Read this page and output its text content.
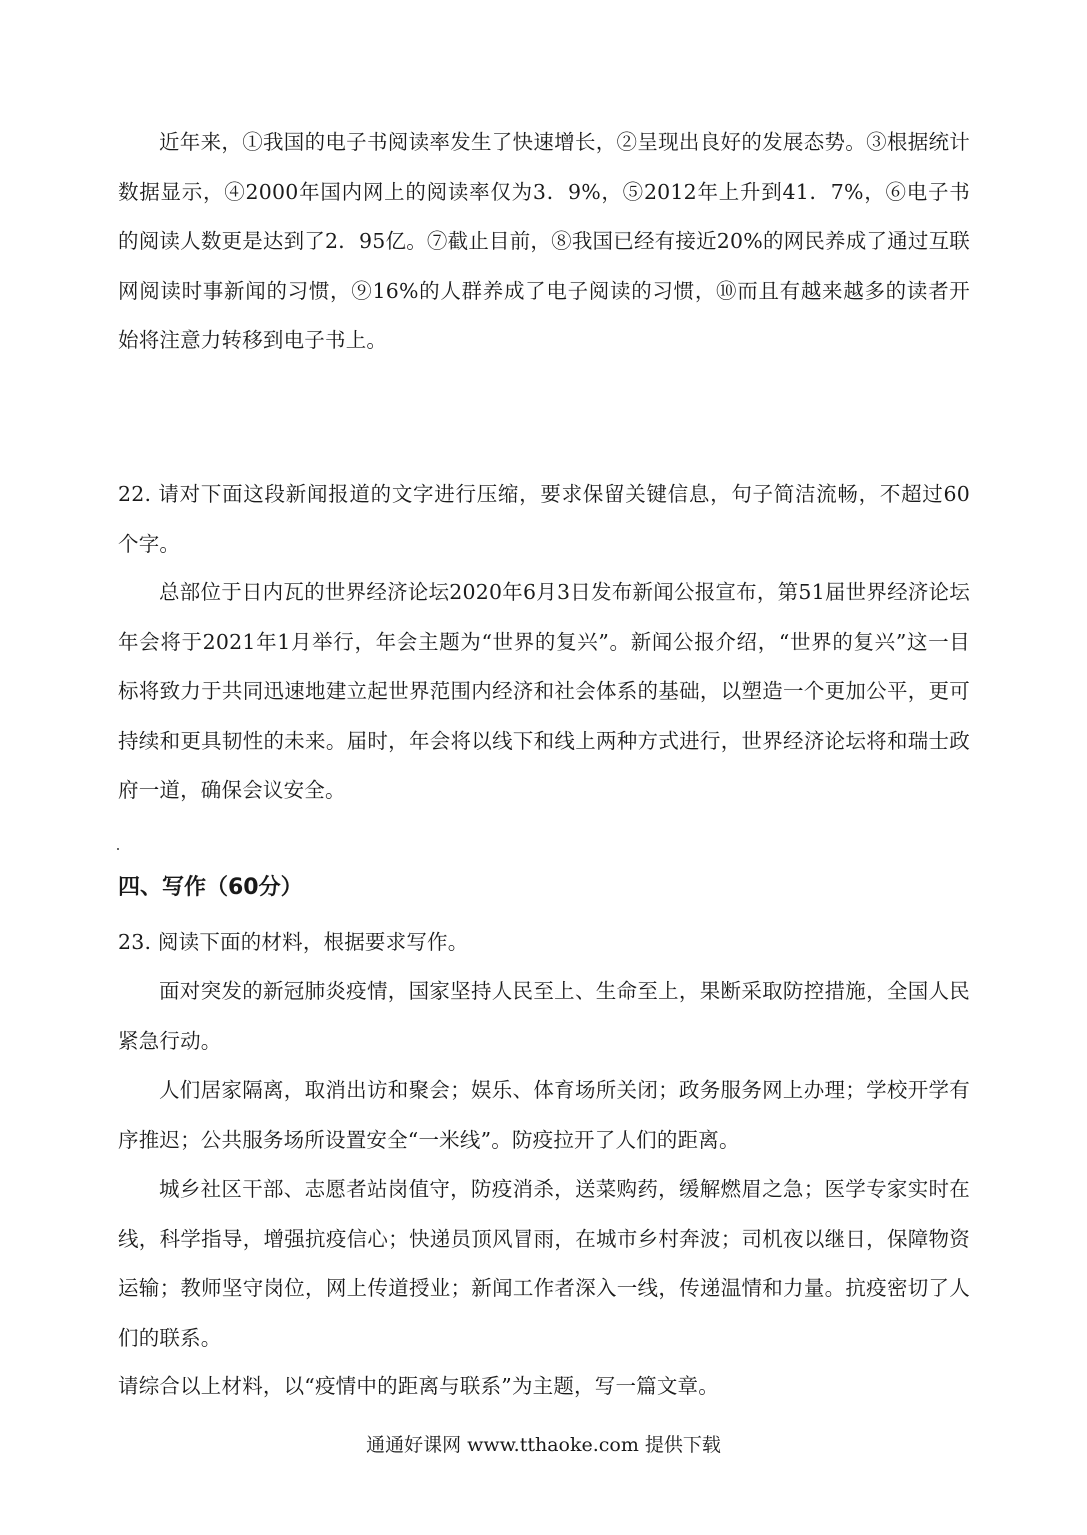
近年来，①我国的电子书阅读率发生了快速增长，②呈现出良好的发展态势。③根据统计数据显示，④2000年国内网上的阅读率仅为3．9%，⑤2012年上升到41．7%，⑥电子书的阅读人数更是达到了2．95亿。⑦截止目前，⑧我国已经有接近20%的网民养成了通过互联网阅读时事新闻的习惯，⑨16%的人群养成了电子阅读的习惯，⑩而且有越来越多的读者开始将注意力转移到电子书上。

22. 请对下面这段新闻报道的文字进行压缩，要求保留关键信息，句子简洁流畅，不超过60个字。

总部位于日内瓦的世界经济论坛2020年6月3日发布新闻公报宣布，第51届世界经济论坛年会将于2021年1月举行，年会主题为“世界的复兴”。新闻公报介绍，“世界的复兴”这一目标将致力于共同迅速地建立起世界范围内经济和社会体系的基础，以塑造一个更加公平，更可持续和更具韧性的未来。届时，年会将以线下和线上两种方式进行，世界经济论坛将和瑞士政府一道，确保会议安全。

四、写作（60分）

23. 阅读下面的材料，根据要求写作。

面对突发的新冠肺炎疫情，国家坚持人民至上、生命至上，果断采取防控措施，全国人民紧急行动。

人们居家隔离，取消出访和聚会；娱乐、体育场所关闭；政务服务网上办理；学校开学有序推迟；公共服务场所设置安全“一米线”。防疫拉开了人们的距离。

城乡社区干部、志愿者站岗值守，防疫消杀，送菜购药，缓解燃眉之急；医学专家实时在线，科学指导，增强抗疫信心；快递员顶风冒雨，在城市乡村奔波；司机夜以继日，保障物资运输；教师坚守岗位，网上传道授业；新闻工作者深入一线，传递温情和力量。抗疫密切了人们的联系。

请综合以上材料，以“疫情中的距离与联系”为主题，写一篇文章。

通通好课网 www.tthaoke.com 提供下载
